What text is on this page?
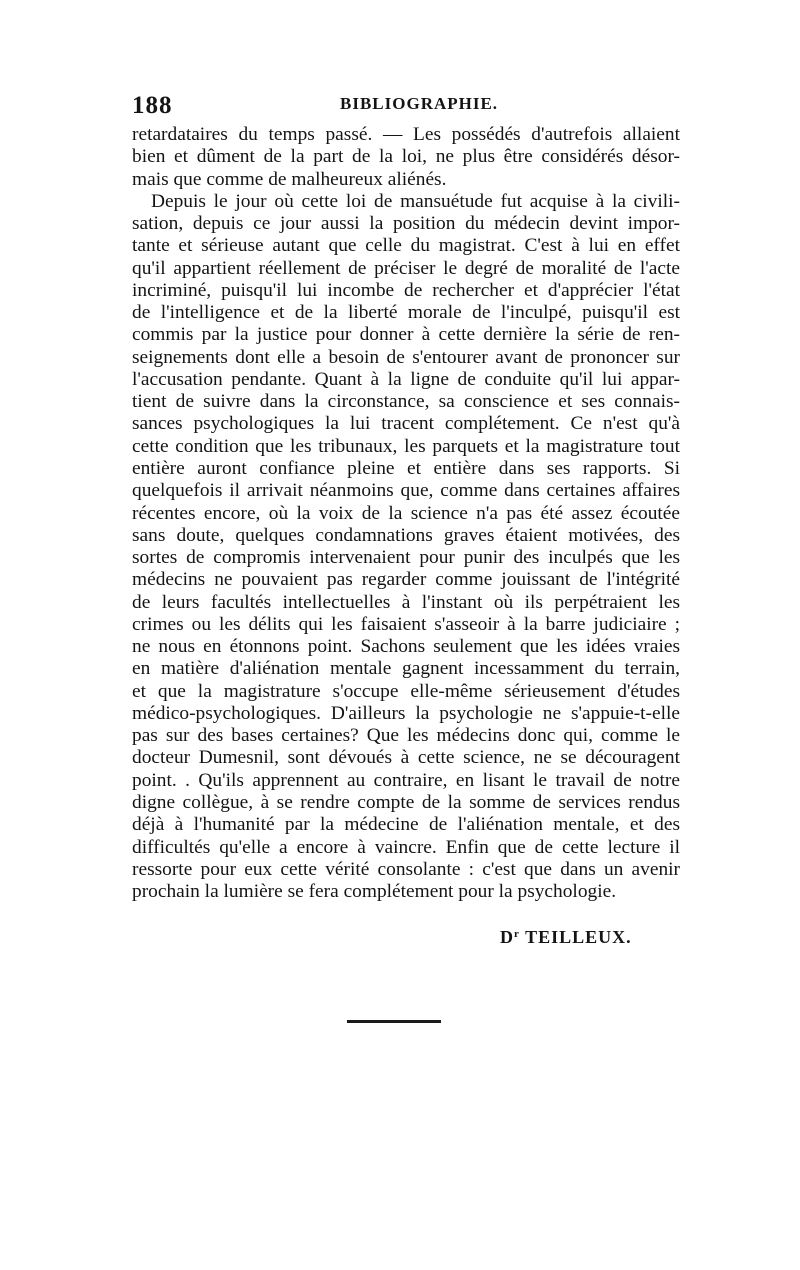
188	BIBLIOGRAPHIE.
retardataires du temps passé. — Les possédés d'autrefois allaient
bien et dûment de la part de la loi, ne plus être considérés désor-
mais que comme de malheureux aliénés.
Depuis le jour où cette loi de mansuétude fut acquise à la civili-
sation, depuis ce jour aussi la position du médecin devint impor-
tante et sérieuse autant que celle du magistrat. C'est à lui en effet
qu'il appartient réellement de préciser le degré de moralité de l'acte
incriminé, puisqu'il lui incombe de rechercher et d'apprécier l'état
de l'intelligence et de la liberté morale de l'inculpé, puisqu'il est
commis par la justice pour donner à cette dernière la série de ren-
seignements dont elle a besoin de s'entourer avant de prononcer sur
l'accusation pendante. Quant à la ligne de conduite qu'il lui appar-
tient de suivre dans la circonstance, sa conscience et ses connais-
sances psychologiques la lui tracent complétement. Ce n'est qu'à
cette condition que les tribunaux, les parquets et la magistrature tout
entière auront confiance pleine et entière dans ses rapports. Si
quelquefois il arrivait néanmoins que, comme dans certaines affaires
récentes encore, où la voix de la science n'a pas été assez écoutée
sans doute, quelques condamnations graves étaient motivées, des
sortes de compromis intervenaient pour punir des inculpés que les
médecins ne pouvaient pas regarder comme jouissant de l'intégrité
de leurs facultés intellectuelles à l'instant où ils perpétraient les
crimes ou les délits qui les faisaient s'asseoir à la barre judiciaire ;
ne nous en étonnons point. Sachons seulement que les idées vraies
en matière d'aliénation mentale gagnent incessamment du terrain,
et que la magistrature s'occupe elle-même sérieusement d'études
médico-psychologiques. D'ailleurs la psychologie ne s'appuie-t-elle
pas sur des bases certaines? Que les médecins donc qui, comme le
docteur Dumesnil, sont dévoués à cette science, ne se découragent
point. . Qu'ils apprennent au contraire, en lisant le travail de notre
digne collègue, à se rendre compte de la somme de services rendus
déjà à l'humanité par la médecine de l'aliénation mentale, et des
difficultés qu'elle a encore à vaincre. Enfin que de cette lecture il
ressorte pour eux cette vérité consolante : c'est que dans un avenir
prochain la lumière se fera complétement pour la psychologie.
$D^r$ TEILLEUX.
